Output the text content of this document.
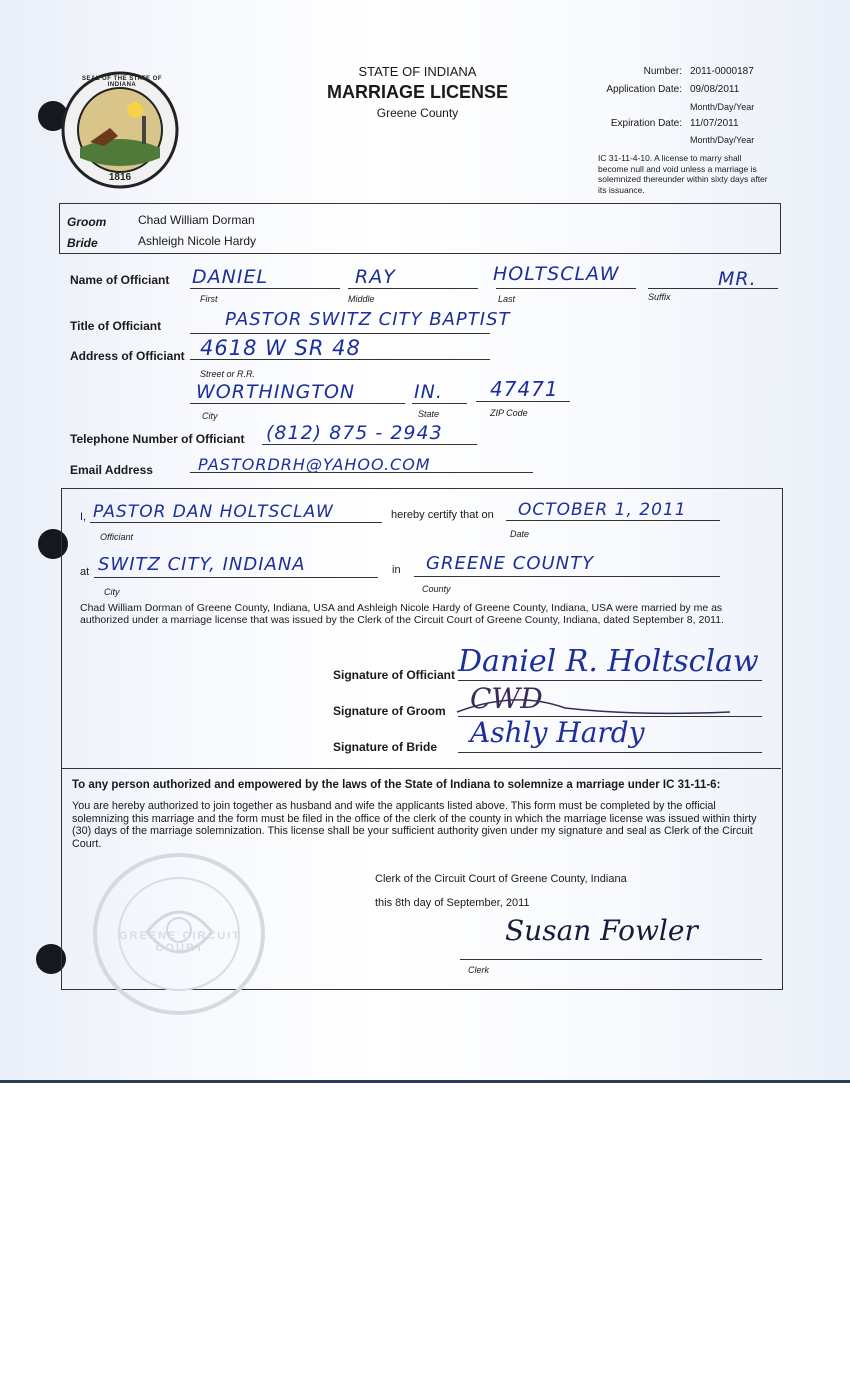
1816
SEAL OF THE STATE OF INDIANA
STATE OF INDIANA
MARRIAGE LICENSE
Greene County
Number: 2011-0000187
Application Date: 09/08/2011
Month/Day/Year
Expiration Date: 11/07/2011
Month/Day/Year
IC 31-11-4-10. A license to marry shall become null and void unless a marriage is solemnized thereunder within sixty days after its issuance.
Groom	Chad William Dorman
Bride	Ashleigh Nicole Hardy
Name of Officiant DANIEL	RAY	HOLTSCLAW	MR.
First	Middle	Last	Suffix
Title of Officiant	PASTOR SWITZ CITY BAPTIST
Address of Officiant 4618 W SR 48
Street or R.R.
WORTHINGTON	IN. 47471
City	State	ZIP Code
Telephone Number of Officiant (812) 875 - 2943
Email Address	PASTORDRH@YAHOO.COM
I, PASTOR DAN HOLTSCLAW	hereby certify that on OCTOBER 1, 2011
Officiant	Date
at SWITZ CITY, INDIANA	in GREENE COUNTY
City	County
Chad William Dorman of Greene County, Indiana, USA and Ashleigh Nicole Hardy of Greene County, Indiana, USA were married by me as authorized under a marriage license that was issued by the Clerk of the Circuit Court of Greene County, Indiana, dated September 8, 2011.
Signature of Officiant Daniel R. Holtsclaw
Signature of Groom CWD
Signature of Bride Ashly Hardy
To any person authorized and empowered by the laws of the State of Indiana to solemnize a marriage under IC 31-11-6:
You are hereby authorized to join together as husband and wife the applicants listed above. This form must be completed by the official solemnizing this marriage and the form must be filed in the office of the clerk of the county in which the marriage license was issued within thirty (30) days of the marriage solemnization. This license shall be your sufficient authority given under my signature and seal as Clerk of the Circuit Court.
GREENE CIRCUIT COURT
Clerk of the Circuit Court of Greene County, Indiana
this 8th day of September, 2011
Susan Fowler
Clerk
